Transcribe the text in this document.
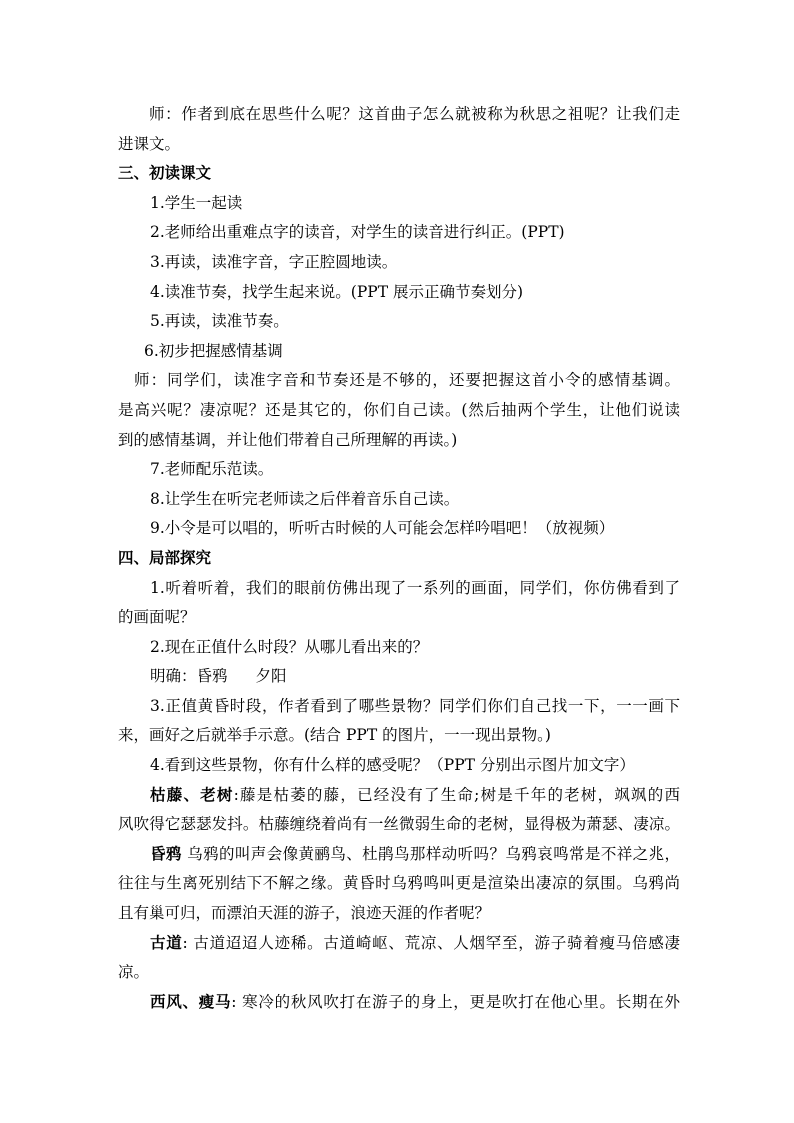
师：作者到底在思些什么呢？这首曲子怎么就被称为秋思之祖呢？让我们走
进课文。
三、初读课文
1.学生一起读
2.老师给出重难点字的读音，对学生的读音进行纠正。(PPT)
3.再读，读准字音，字正腔圆地读。
4.读准节奏，找学生起来说。(PPT 展示正确节奏划分)
5.再读，读准节奏。
6.初步把握感情基调
师：同学们，读准字音和节奏还是不够的，还要把握这首小令的感情基调。
是高兴呢？凄凉呢？还是其它的，你们自己读。(然后抽两个学生，让他们说读
到的感情基调，并让他们带着自己所理解的再读。)
7.老师配乐范读。
8.让学生在听完老师读之后伴着音乐自己读。
9.小令是可以唱的，听听古时候的人可能会怎样吟唱吧！（放视频）
四、局部探究
1.听着听着，我们的眼前仿佛出现了一系列的画面，同学们，你仿佛看到了
的画面呢？
2.现在正值什么时段？从哪儿看出来的？
明确：昏鸦 夕阳
3.正值黄昏时段，作者看到了哪些景物？同学们你们自己找一下，一一画下
来，画好之后就举手示意。(结合 PPT 的图片，一一现出景物。)
4.看到这些景物，你有什么样的感受呢？（PPT 分别出示图片加文字）
枯藤、老树:藤是枯萎的藤，已经没有了生命;树是千年的老树，飒飒的西
风吹得它瑟瑟发抖。枯藤缠绕着尚有一丝微弱生命的老树，显得极为萧瑟、凄凉。
昏鸦 乌鸦的叫声会像黄鹂鸟、杜鹃鸟那样动听吗？乌鸦哀鸣常是不祥之兆，
往往与生离死别结下不解之缘。黄昏时乌鸦鸣叫更是渲染出凄凉的氛围。乌鸦尚
且有巢可归，而漂泊天涯的游子，浪迹天涯的作者呢？
古道: 古道迢迢人迹稀。古道崎岖、荒凉、人烟罕至，游子骑着瘦马倍感凄
凉。
西风、瘦马: 寒冷的秋风吹打在游子的身上，更是吹打在他心里。长期在外
